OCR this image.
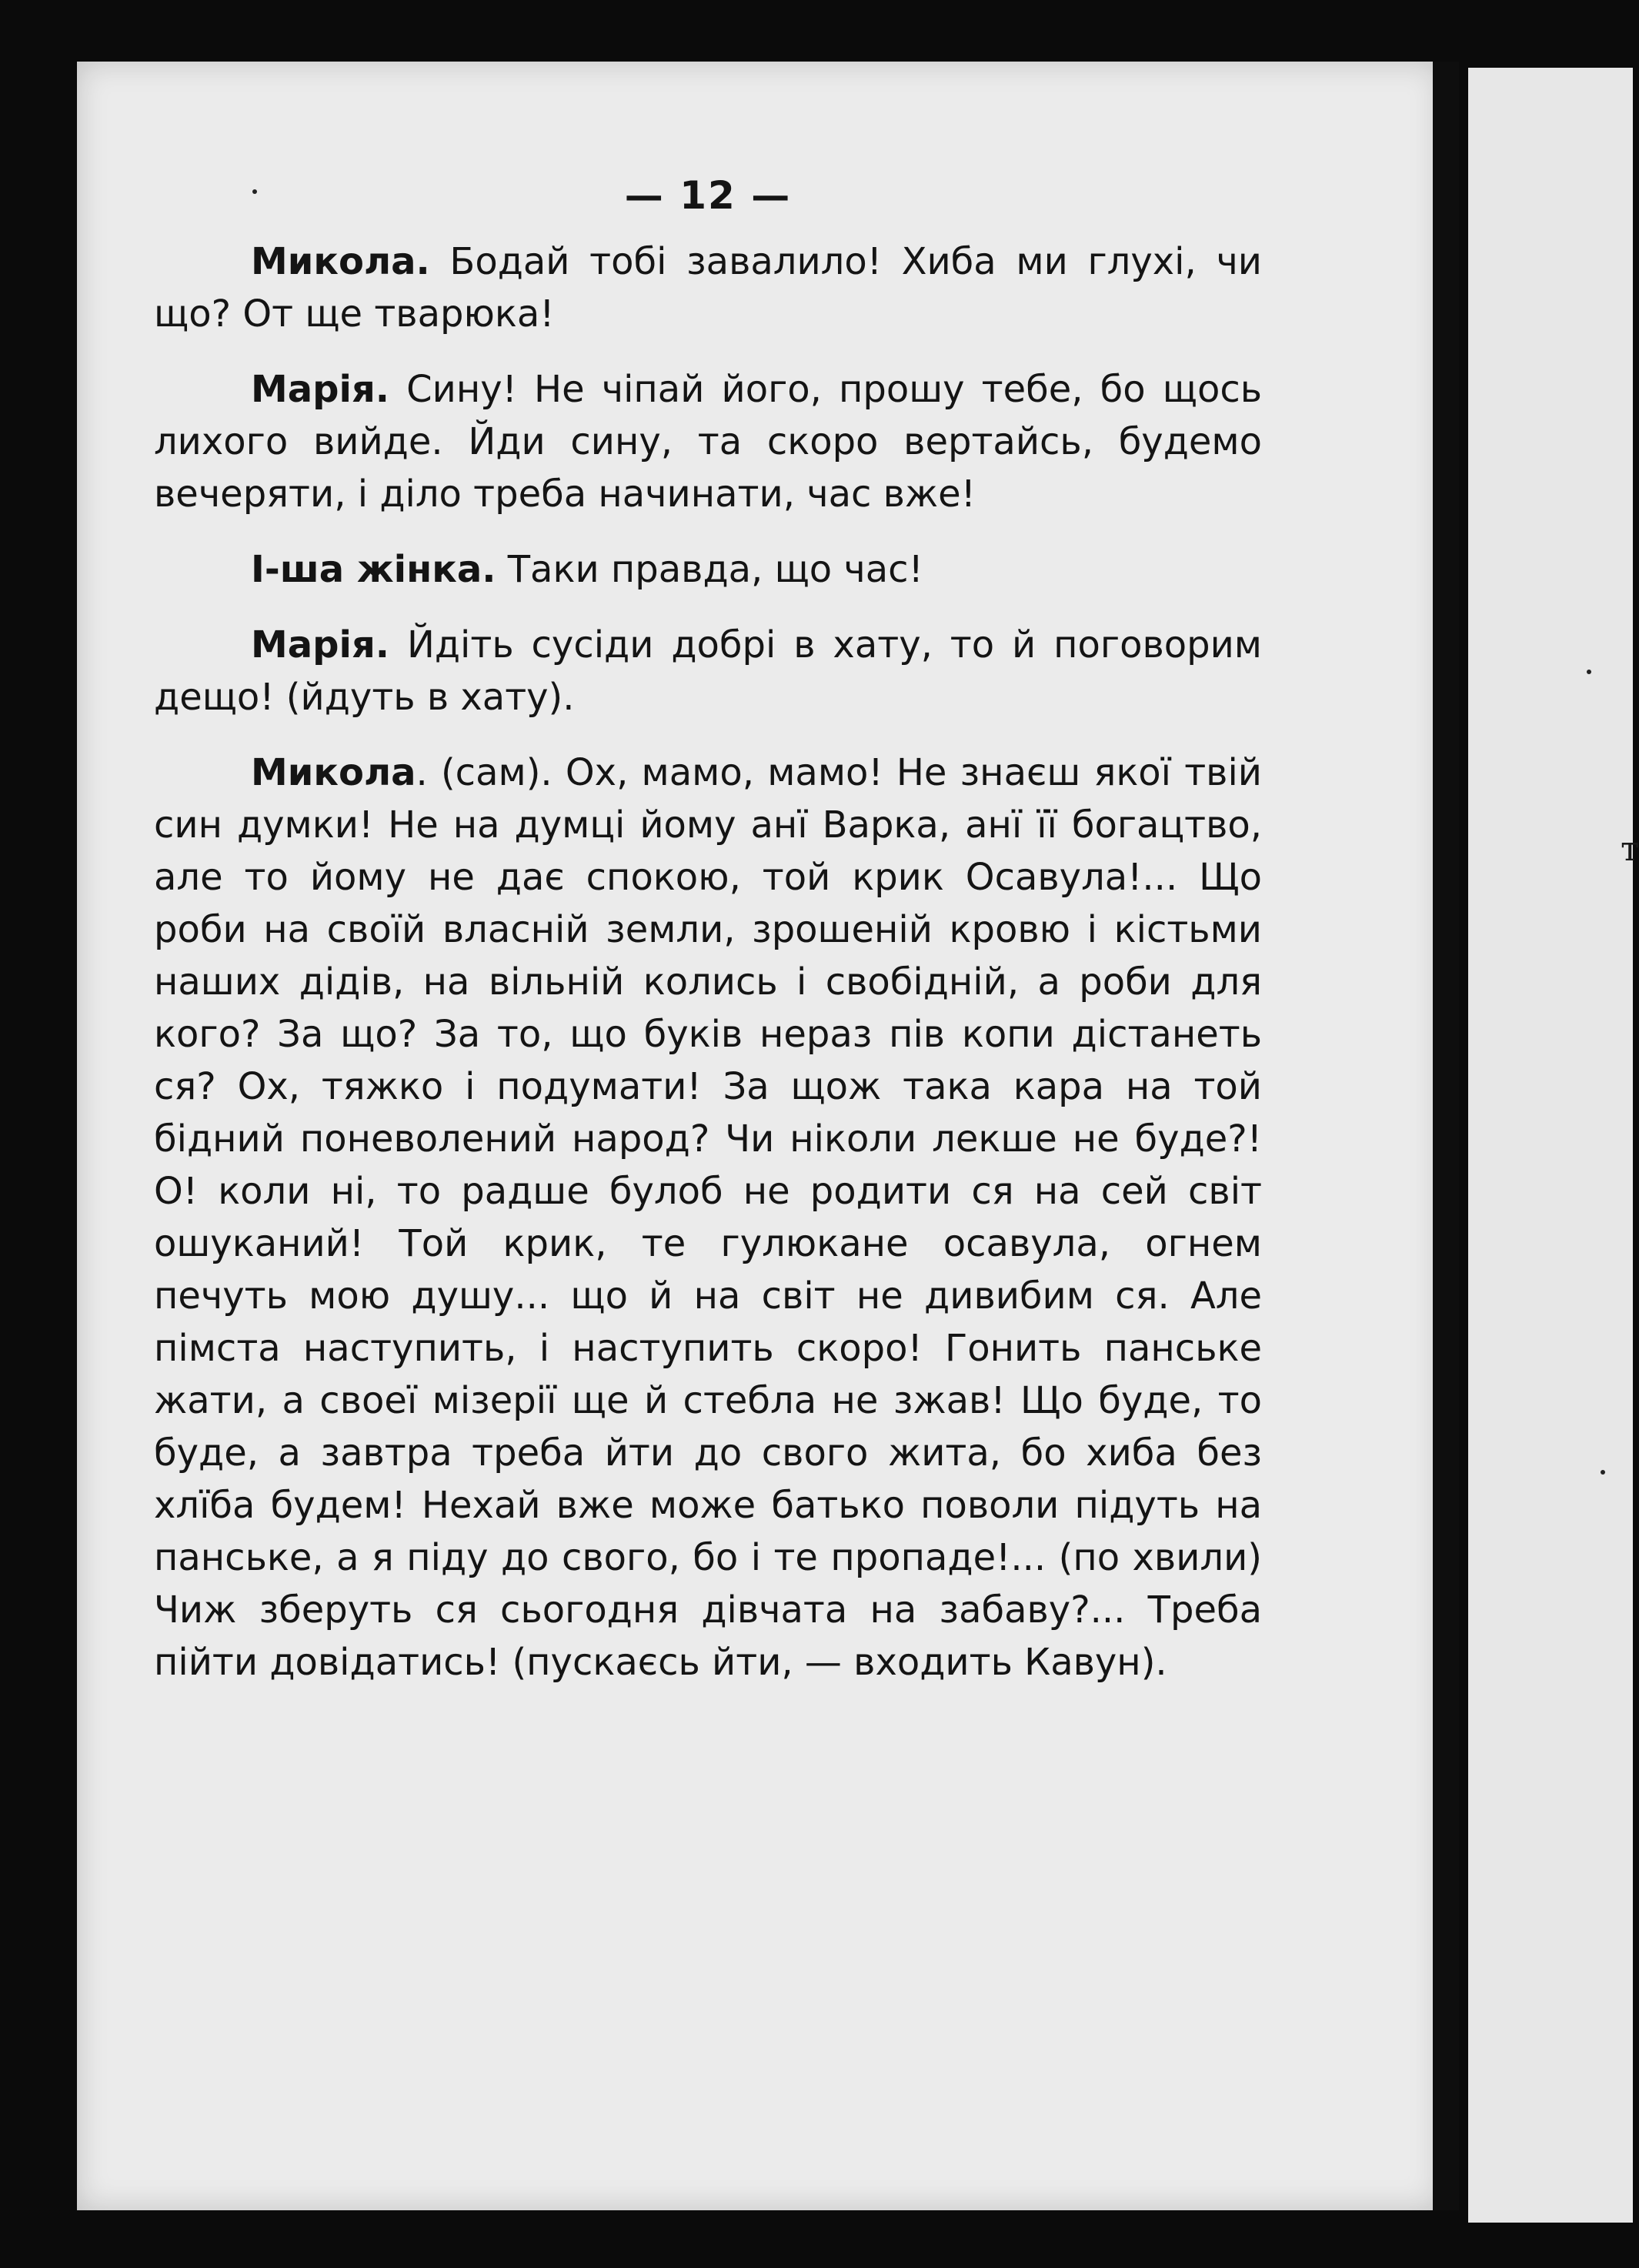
т
— 12 —

Микола. Бодай тобі завалило! Хиба ми глухі, чи що? От ще тварюка!

Марія. Сину! Не чіпай його, прошу тебе, бо щось лихого вийде. Йди сину, та скоро вертайсь, будемо вечеряти, і діло треба начинати, час вже!

І-ша жінка. Таки правда, що час!

Марія. Йдіть сусіди добрі в хату, то й поговорим дещо! (йдуть в хату).

Микола. (сам). Ох, мамо, мамо! Не знаєш якої твій син думки! Не на думці йому анї Варка, анї її богацтво, але то йому не дає спокою, той крик Осавула!... Що роби на своїй власній земли, зрошеній кровю і кістьми наших дідів, на вільній колись і свобідній, а роби для кого? За що? За то, що буків нераз пів копи дістанеть ся? Ох, тяжко і подумати! За щож така кара на той бідний поневолений народ? Чи ніколи лекше не буде?! О! коли ні, то радше булоб не родити ся на сей світ ошуканий! Той крик, те гулюкане осавула, огнем печуть мою душу... що й на світ не дивибим ся. Але пімста наступить, і наступить скоро! Гонить панське жати, а своеї мізерії ще й стебла не зжав! Що буде, то буде, а завтра треба йти до свого жита, бо хиба без хлїба будем! Нехай вже може батько поволи підуть на панське, а я піду до свого, бо і те пропаде!... (по хвили) Чиж зберуть ся сьогодня дівчата на забаву?... Треба пійти довідатись! (пускаєсь йти, — входить Кавун).
